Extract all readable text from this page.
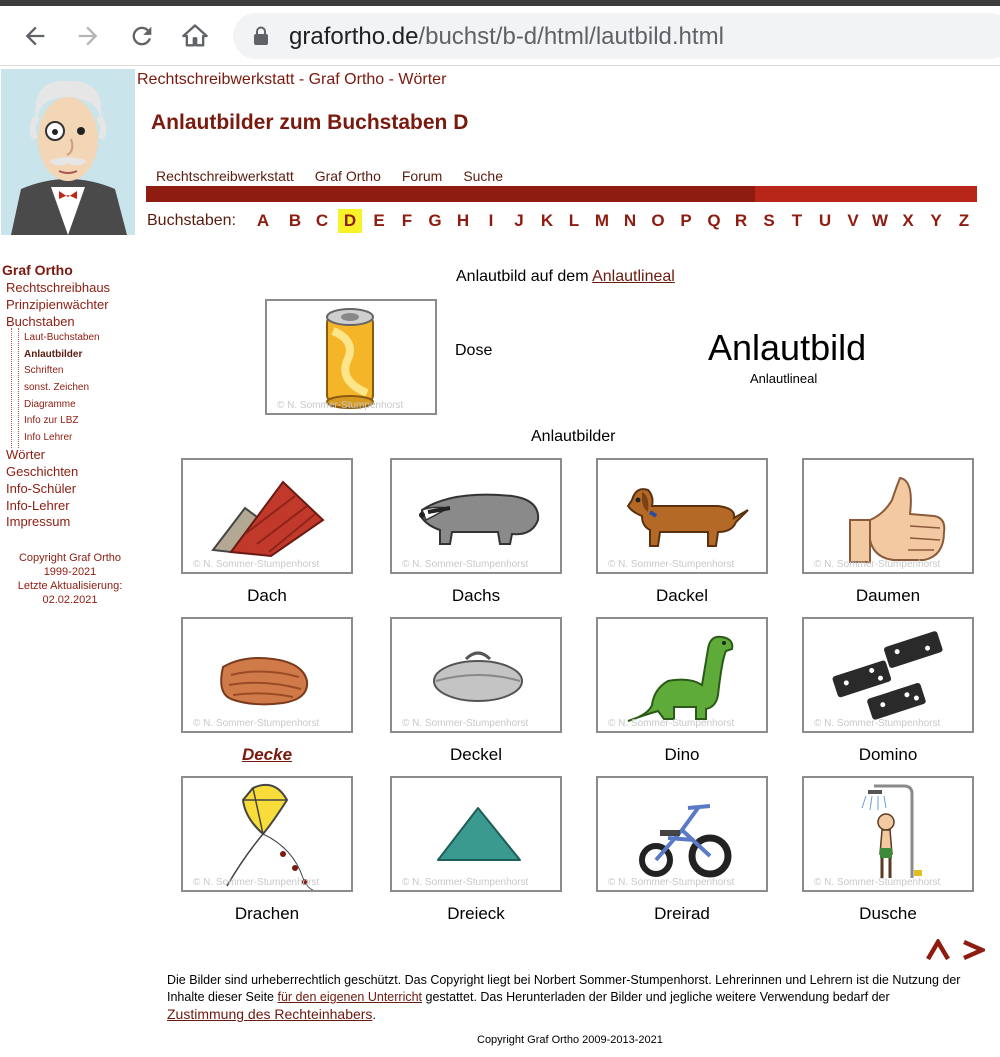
grafortho.de/buchst/b-d/html/lautbild.html
Rechtschreibwerkstatt - Graf Ortho - Wörter
Anlautbilder zum Buchstaben D
Rechtschreibwerkstatt Graf Ortho Forum Suche
Buchstaben:	A	B C D	E	F G H	I	J	K L M N O P Q R S	T U V W X Y	Z
Graf Ortho
Rechtschreibhaus
Prinzipienwächter
Buchstaben
Laut-Buchstaben
Anlautbilder
Schriften
sonst. Zeichen
Diagramme
Info zur LBZ
Info Lehrer
Wörter
Geschichten
Info-Schüler
Info-Lehrer
Impressum
Copyright Graf Ortho
1999-2021
Letzte Aktualisierung:
02.02.2021
Anlautbild auf dem Anlautlineal
© N. Sommer-Stumpenhorst
Dose	Anlautbild
Anlautlineal
Anlautbilder
© N. Sommer-Stumpenhorst
Dach
© N. Sommer-Stumpenhorst
Dachs
© N. Sommer-Stumpenhorst
Dackel
© N. Sommer-Stumpenhorst
Daumen
© N. Sommer-Stumpenhorst
Decke
© N. Sommer-Stumpenhorst
Deckel
© N. Sommer-Stumpenhorst
Dino
© N. Sommer-Stumpenhorst
Domino
© N. Sommer-Stumpenhorst
Drachen
© N. Sommer-Stumpenhorst
Dreieck
© N. Sommer-Stumpenhorst
Dreirad
© N. Sommer-Stumpenhorst
Dusche
Die Bilder sind urheberrechtlich geschützt. Das Copyright liegt bei Norbert Sommer-Stumpenhorst. Lehrerinnen und Lehrern ist die Nutzung der Inhalte dieser Seite für den eigenen Unterricht gestattet. Das Herunterladen der Bilder und jegliche weitere Verwendung bedarf der Zustimmung des Rechteinhabers.
Copyright Graf Ortho 2009-2013-2021
